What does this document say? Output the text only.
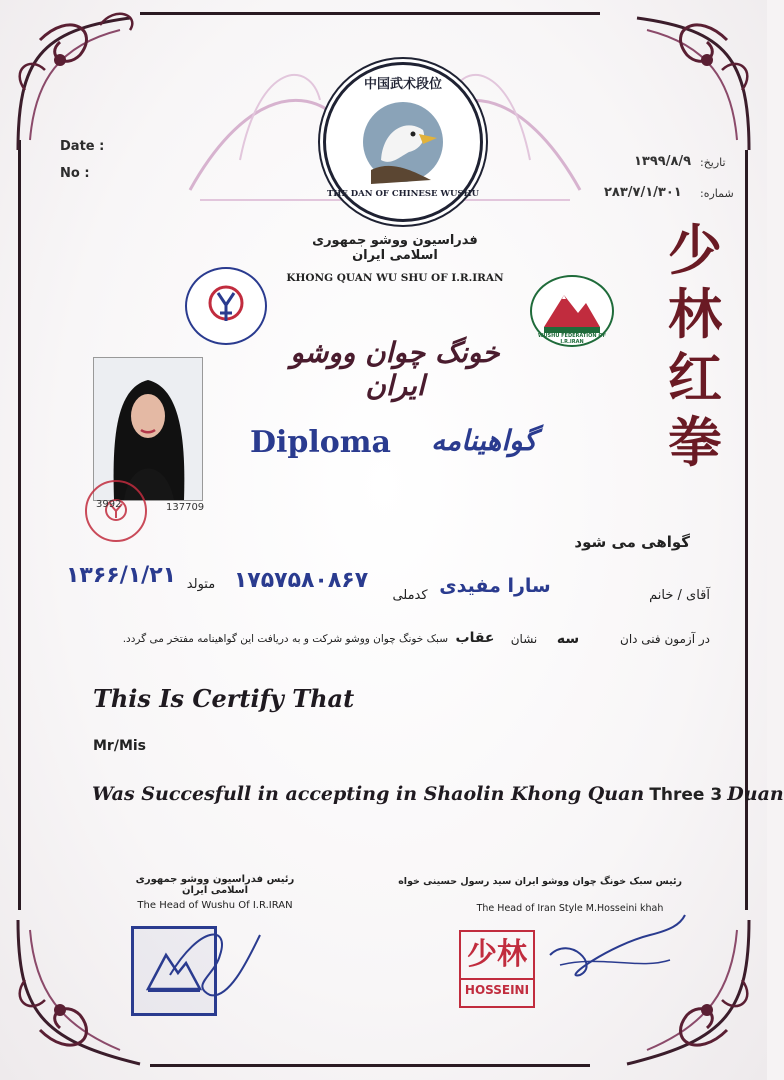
中国武术段位
THE DAN OF CHINESE WUSHU
Date :
No :
تاریخ:
۱۳۹۹/۸/۹
شماره:
۲۸۳/۷/۱/۳۰۱
فدراسیون ووشو جمهوری اسلامی ایران
KHONG QUAN WU SHU OF I.R.IRAN
WUSHU FEDERATION OF I.R.IRAN
خونگ چوان ووشو ایران
Diploma	گواهینامه
少
林
红
拳
3992	137709
گواهی می شود
آقای / خانم
سارا مفیدی
کدملی
۱۷۵۷۵۸۰۸۶۷
متولد
۱۳۶۶/۱/۲۱
در آزمون فنی دان
سه
نشان
عقاب
سبک خونگ چوان ووشو شرکت و به دریافت این گواهینامه مفتخر می گردد.
This Is Certify That
Mr/Mis
Was Succesfull in accepting in Shaolin Khong Quan Three 3 Duan
رئیس فدراسیون ووشو جمهوری اسلامی ایران
The Head of Wushu Of I.R.IRAN
رئیس سبک خونگ چوان ووشو ایران سید رسول حسینی خواه
The Head of Iran Style M.Hosseini khah
少林
HOSSEINI
